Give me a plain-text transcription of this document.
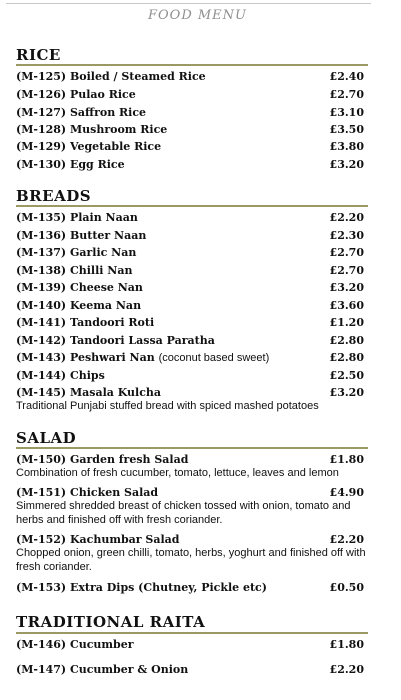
FOOD MENU
RICE
(M-125) Boiled / Steamed Rice	£2.40
(M-126) Pulao Rice	£2.70
(M-127) Saffron Rice	£3.10
(M-128) Mushroom Rice	£3.50
(M-129) Vegetable Rice	£3.80
(M-130) Egg Rice	£3.20
BREADS
(M-135) Plain Naan	£2.20
(M-136) Butter Naan	£2.30
(M-137) Garlic Nan	£2.70
(M-138) Chilli Nan	£2.70
(M-139) Cheese Nan	£3.20
(M-140) Keema Nan	£3.60
(M-141) Tandoori Roti	£1.20
(M-142) Tandoori Lassa Paratha	£2.80
(M-143) Peshwari Nan (coconut based sweet)	£2.80
(M-144) Chips	£2.50
(M-145) Masala Kulcha	£3.20
Traditional Punjabi stuffed bread with spiced mashed potatoes
SALAD
(M-150) Garden fresh Salad	£1.80
Combination of fresh cucumber, tomato, lettuce, leaves and lemon
(M-151) Chicken Salad	£4.90
Simmered shredded breast of chicken tossed with onion, tomato and herbs and finished off with fresh coriander.
(M-152) Kachumbar Salad	£2.20
Chopped onion, green chilli, tomato, herbs, yoghurt and finished off with fresh coriander.
(M-153) Extra Dips (Chutney, Pickle etc)	£0.50
TRADITIONAL RAITA
(M-146) Cucumber	£1.80
(M-147) Cucumber & Onion	£2.20
